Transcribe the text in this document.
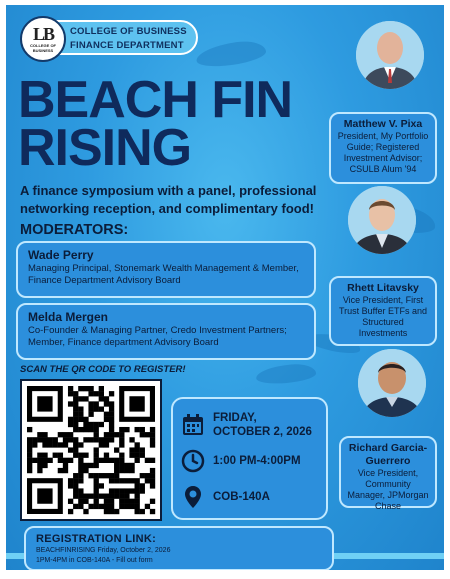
COLLEGE OF BUSINESS
FINANCE DEPARTMENT
LB
COLLEGE OF BUSINESS
BEACH FIN
RISING
A finance symposium with a panel, professional networking reception, and complimentary food!
MODERATORS:
Wade Perry
Managing Principal, Stonemark Wealth Management & Member, Finance Department Advisory Board
Melda Mergen
Co-Founder & Managing Partner, Credo Investment Partners; Member, Finance department Advisory Board
SCAN THE QR CODE TO REGISTER!
FRIDAY,
OCTOBER 2, 2026
1:00 PM-4:00PM
COB-140A
Matthew V. Pixa
President, My Portfolio Guide; Registered Investment Advisor; CSULB Alum '94
Rhett Litavsky
Vice President, First Trust Buffer ETFs and Structured Investments
Richard Garcia-Guerrero
Vice President, Community Manager, JPMorgan Chase
REGISTRATION LINK:
BEACHFINRISING Friday, October 2, 2026
1PM-4PM in COB-140A - Fill out form
